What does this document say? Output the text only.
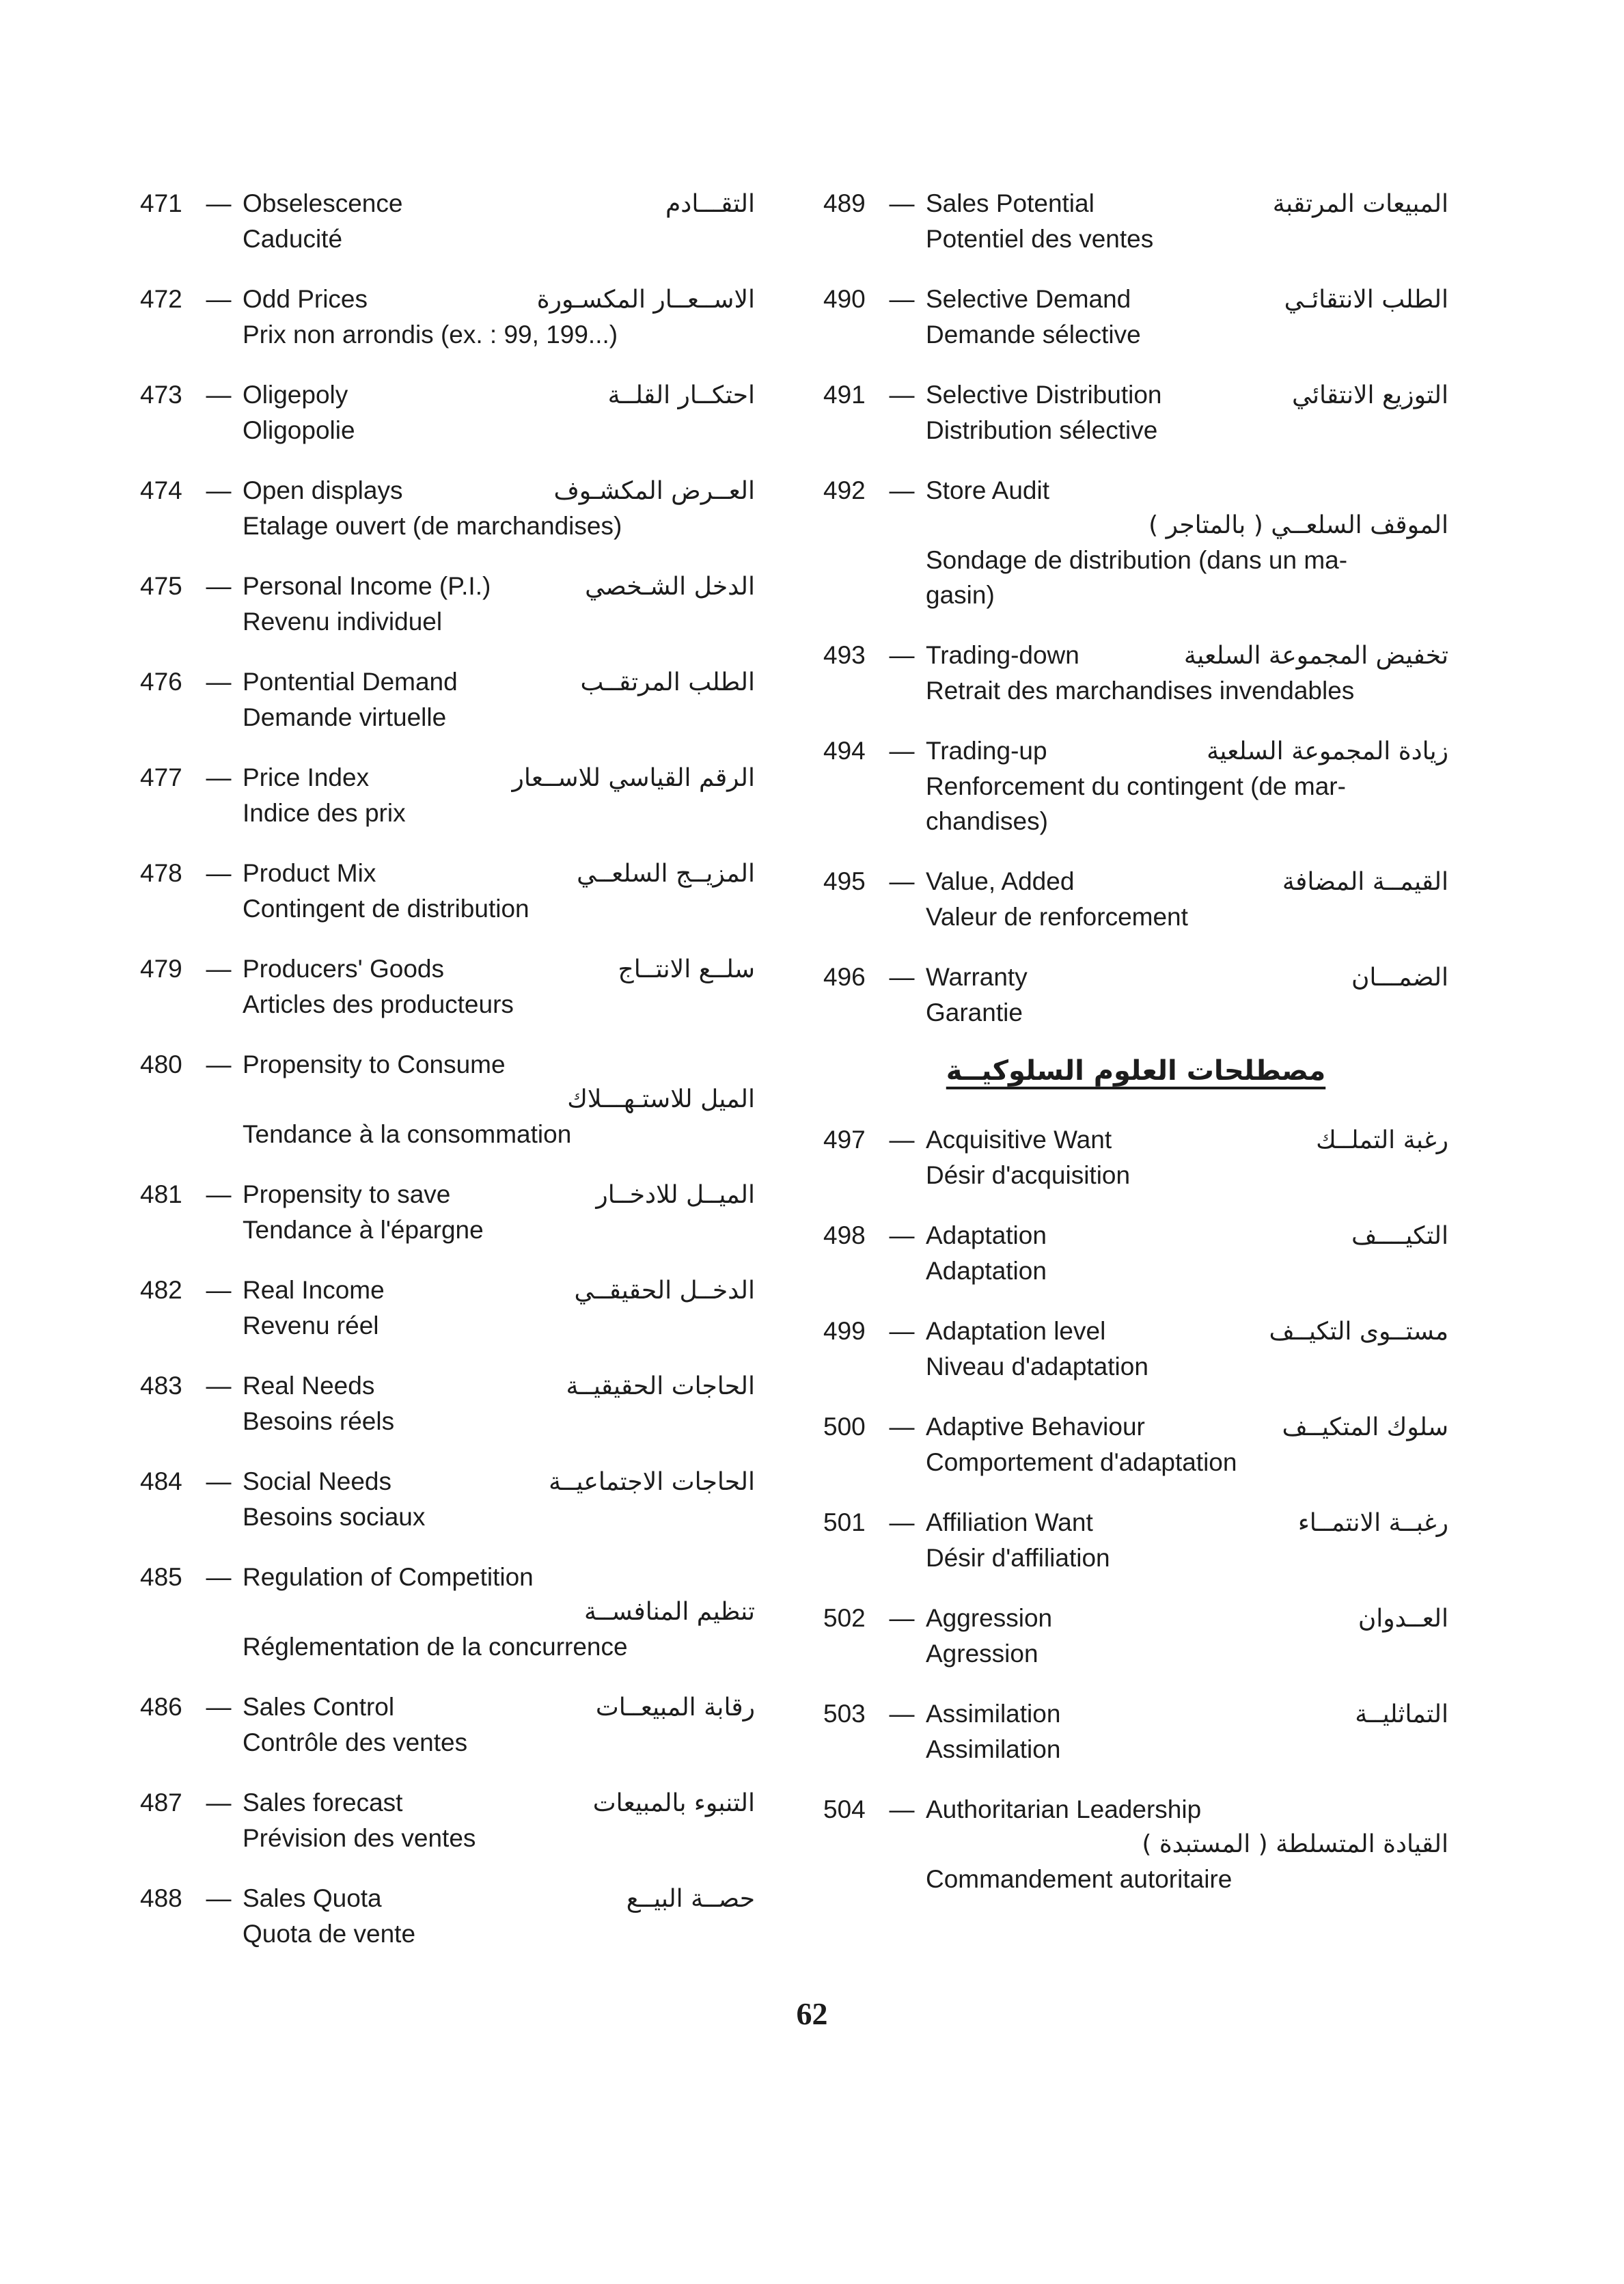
471 — Obselescence	التقـــادم
Caducité
472 — Odd Prices	الاســعــار المكسـورة
Prix non arrondis (ex. : 99, 199...)
473 — Oligepoly	احتكــار القلــة
Oligopolie
474 — Open displays	العــرض المكشـوف
Etalage ouvert (de marchandises)
475 — Personal Income (P.I.)	الدخل الشـخصي
Revenu individuel
476 — Pontential Demand	الطلب المرتقــب
Demande virtuelle
477 — Price Index	الرقم القياسي للاســعار
Indice des prix
478 — Product Mix	المزيــج السلعــي
Contingent de distribution
479 — Producers' Goods	سلــع الانتــاج
Articles des producteurs
480 — Propensity to Consume
الميل للاستـهـــلاك
Tendance à la consommation
481 — Propensity to save	الميــل للادخــار
Tendance à l'épargne
482 — Real Income	الدخــل الحقيقــي
Revenu réel
483 — Real Needs	الحاجات الحقيقيــة
Besoins réels
484 — Social Needs	الحاجات الاجتماعيــة
Besoins sociaux
485 — Regulation of Competition
تنظيم المنافســة
Réglementation de la concurrence
486 — Sales Control	رقابة المبيعــات
Contrôle des ventes
487 — Sales forecast	التنبوء بالمبيعات
Prévision des ventes
488 — Sales Quota	حصــة البيــع
Quota de vente
489 — Sales Potential	المبيعات المرتقبة
Potentiel des ventes
490 — Selective Demand	الطلب الانتقائـي
Demande sélective
491 — Selective Distribution	التوزيع الانتقائي
Distribution sélective
492 — Store Audit
الموقف السلعــي ( بالمتاجر )
Sondage de distribution (dans un ma-
gasin)
493 — Trading-down	تخفيض المجموعة السلعية
Retrait des marchandises invendables
494 — Trading-up	زيادة المجموعة السلعية
Renforcement du contingent (de mar-
chandises)
495 — Value, Added	القيمــة المضافة
Valeur de renforcement
496 — Warranty	الضمـــان
Garantie
مصطلحات العلوم السلوكيــة
497 — Acquisitive Want	رغبة التملــك
Désir d'acquisition
498 — Adaptation	التكيــــف
Adaptation
499 — Adaptation level	مستــوى التكيــف
Niveau d'adaptation
500 — Adaptive Behaviour	سلوك المتكيــف
Comportement d'adaptation
501 — Affiliation Want	رغبــة الانتمــاء
Désir d'affiliation
502 — Aggression	العــدوان
Agression
503 — Assimilation	التماثليــة
Assimilation
504 — Authoritarian Leadership
القيادة المتسلطة ( المستبدة )
Commandement autoritaire
62
